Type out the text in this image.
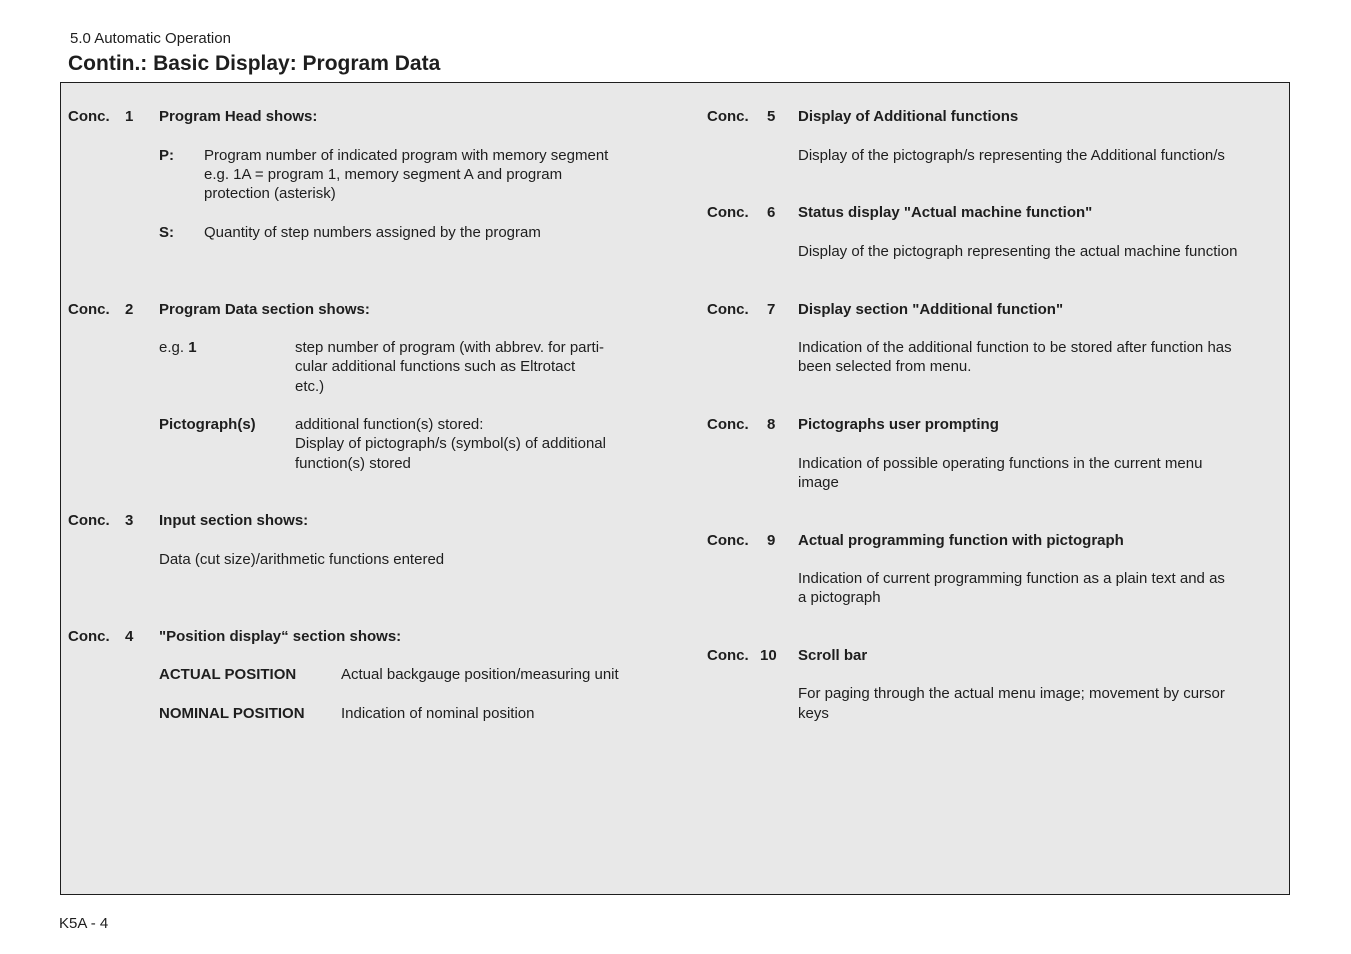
5.0 Automatic Operation
Contin.: Basic Display: Program Data
Conc. 1 Program Head shows:
P: Program number of indicated program with memory segment
e.g. 1A = program 1, memory segment A and program
protection (asterisk)
S: Quantity of step numbers assigned by the program
Conc. 2 Program Data section shows:
e.g. 1	step number of program (with abbrev. for parti-
cular additional functions such as Eltrotact
etc.)
Pictograph(s)	additional function(s) stored:
Display of pictograph/s (symbol(s) of additional
function(s) stored
Conc. 3 Input section shows:
Data (cut size)/arithmetic functions entered
Conc. 4 "Position display“ section shows:
ACTUAL POSITION	Actual backgauge position/measuring unit
NOMINAL POSITION Indication of nominal position
Conc. 5 Display of Additional functions
Display of the pictograph/s representing the Additional function/s
Conc. 6 Status display "Actual machine function"
Display of the pictograph representing the actual machine function
Conc. 7 Display section "Additional function"
Indication of the additional function to be stored after function has
been selected from menu.
Conc. 8 Pictographs user prompting
Indication of possible operating functions in the current menu
image
Conc. 9 Actual programming function with pictograph
Indication of current programming function as a plain text and as
a pictograph
Conc. 10 Scroll bar
For paging through the actual menu image; movement by cursor
keys
K5A - 4
